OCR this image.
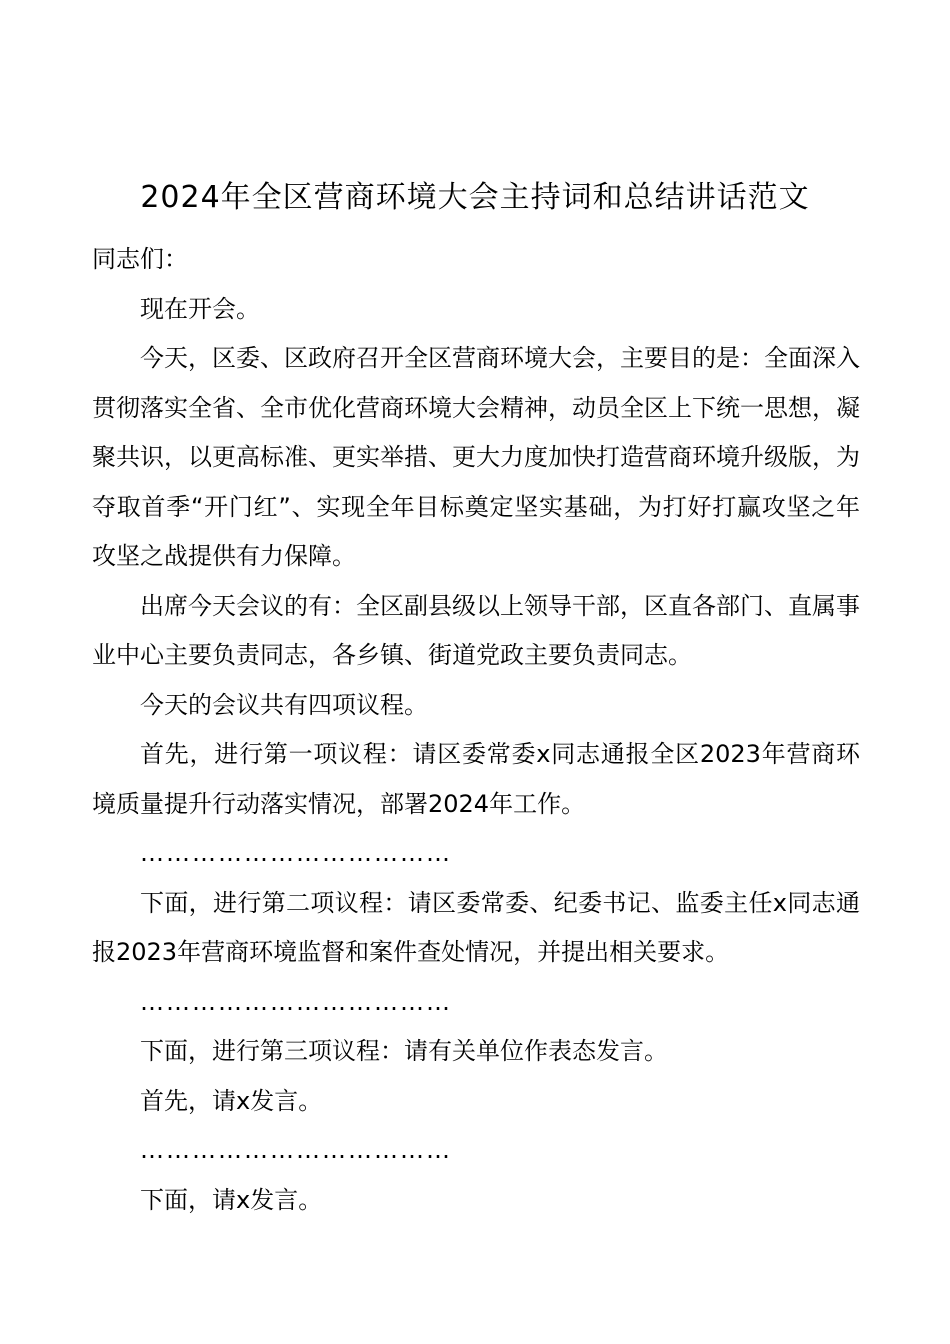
2024年全区营商环境大会主持词和总结讲话范文

同志们：

现在开会。

今天，区委、区政府召开全区营商环境大会，主要目的是：全面深入贯彻落实全省、全市优化营商环境大会精神，动员全区上下统一思想，凝聚共识，以更高标准、更实举措、更大力度加快打造营商环境升级版，为夺取首季“开门红”、实现全年目标奠定坚实基础，为打好打赢攻坚之年攻坚之战提供有力保障。

出席今天会议的有：全区副县级以上领导干部，区直各部门、直属事业中心主要负责同志，各乡镇、街道党政主要负责同志。

今天的会议共有四项议程。

首先，进行第一项议程：请区委常委x同志通报全区2023年营商环境质量提升行动落实情况，部署2024年工作。

………………………………

下面，进行第二项议程：请区委常委、纪委书记、监委主任x同志通报2023年营商环境监督和案件查处情况，并提出相关要求。

………………………………

下面，进行第三项议程：请有关单位作表态发言。

首先，请x发言。

………………………………

下面，请x发言。
